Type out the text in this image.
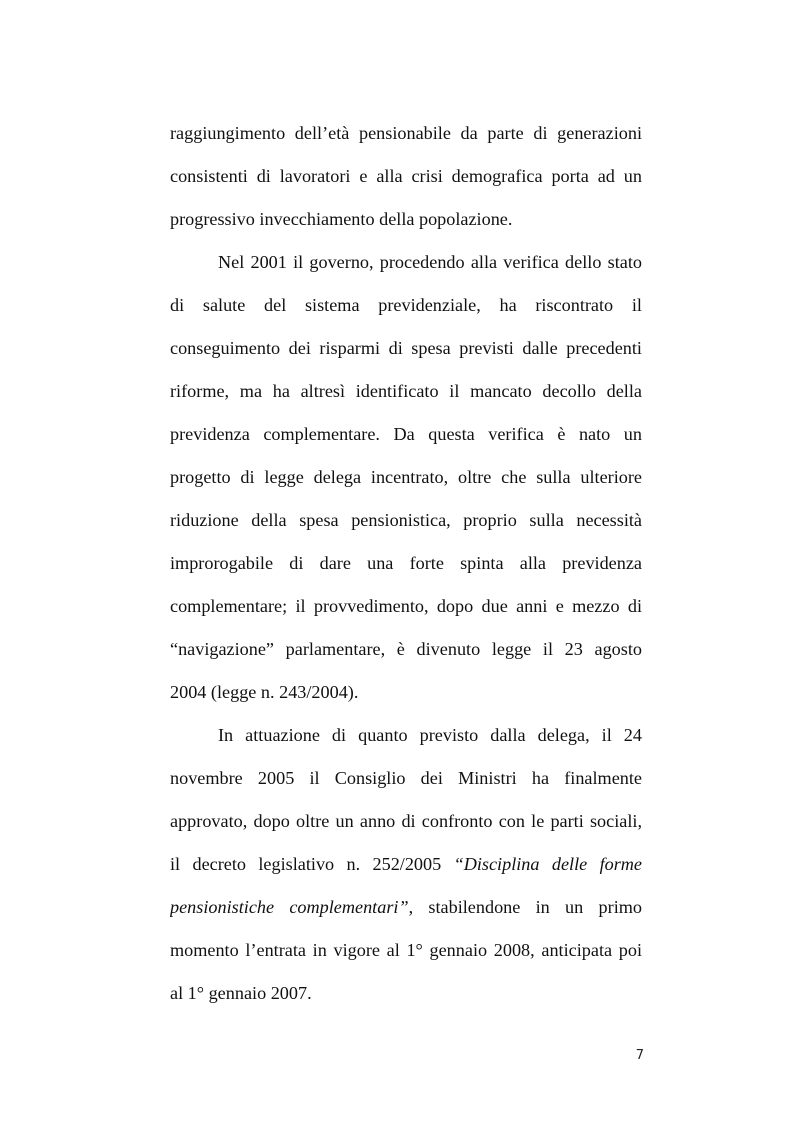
raggiungimento dell’età pensionabile da parte di generazioni
consistenti di lavoratori e alla crisi demografica porta ad un
progressivo invecchiamento della popolazione.
Nel 2001 il governo, procedendo alla verifica dello stato
di salute del sistema previdenziale, ha riscontrato il
conseguimento dei risparmi di spesa previsti dalle precedenti
riforme, ma ha altresì identificato il mancato decollo della
previdenza complementare. Da questa verifica è nato un
progetto di legge delega incentrato, oltre che sulla ulteriore
riduzione della spesa pensionistica, proprio sulla necessità
improrogabile di dare una forte spinta alla previdenza
complementare; il provvedimento, dopo due anni e mezzo di
“navigazione” parlamentare, è divenuto legge il 23 agosto
2004 (legge n. 243/2004).
In attuazione di quanto previsto dalla delega, il 24
novembre 2005 il Consiglio dei Ministri ha finalmente
approvato, dopo oltre un anno di confronto con le parti sociali,
il decreto legislativo n. 252/2005 “Disciplina delle forme
pensionistiche complementari”, stabilendone in un primo
momento l’entrata in vigore al 1° gennaio 2008, anticipata poi
al 1° gennaio 2007.
7
